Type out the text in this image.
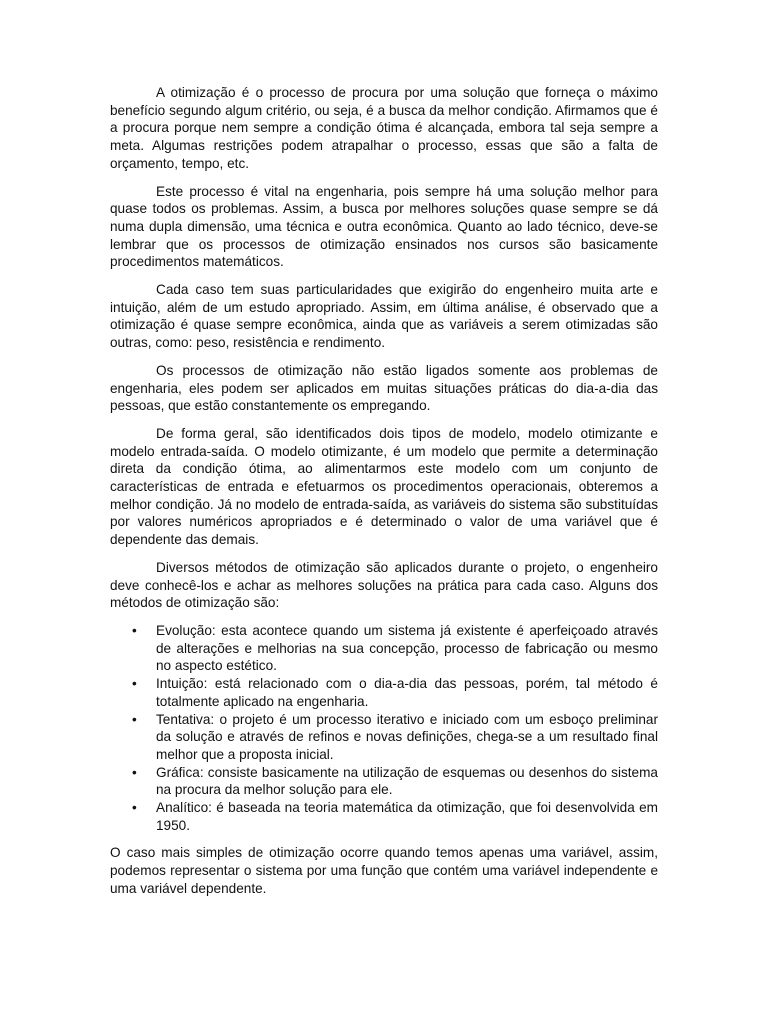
A otimização é o processo de procura por uma solução que forneça o máximo benefício segundo algum critério, ou seja, é a busca da melhor condição. Afirmamos que é a procura porque nem sempre a condição ótima é alcançada, embora tal seja sempre a meta. Algumas restrições podem atrapalhar o processo, essas que são a falta de orçamento, tempo, etc.

Este processo é vital na engenharia, pois sempre há uma solução melhor para quase todos os problemas. Assim, a busca por melhores soluções quase sempre se dá numa dupla dimensão, uma técnica e outra econômica. Quanto ao lado técnico, deve-se lembrar que os processos de otimização ensinados nos cursos são basicamente procedimentos matemáticos.

Cada caso tem suas particularidades que exigirão do engenheiro muita arte e intuição, além de um estudo apropriado. Assim, em última análise, é observado que a otimização é quase sempre econômica, ainda que as variáveis a serem otimizadas são outras, como: peso, resistência e rendimento.

Os processos de otimização não estão ligados somente aos problemas de engenharia, eles podem ser aplicados em muitas situações práticas do dia-a-dia das pessoas, que estão constantemente os empregando.

De forma geral, são identificados dois tipos de modelo, modelo otimizante e modelo entrada-saída. O modelo otimizante, é um modelo que permite a determinação direta da condição ótima, ao alimentarmos este modelo com um conjunto de características de entrada e efetuarmos os procedimentos operacionais, obteremos a melhor condição. Já no modelo de entrada-saída, as variáveis do sistema são substituídas por valores numéricos apropriados e é determinado o valor de uma variável que é dependente das demais.

Diversos métodos de otimização são aplicados durante o projeto, o engenheiro deve conhecê-los e achar as melhores soluções na prática para cada caso. Alguns dos métodos de otimização são:

• Evolução: esta acontece quando um sistema já existente é aperfeiçoado através de alterações e melhorias na sua concepção, processo de fabricação ou mesmo no aspecto estético.
• Intuição: está relacionado com o dia-a-dia das pessoas, porém, tal método é totalmente aplicado na engenharia.
• Tentativa: o projeto é um processo iterativo e iniciado com um esboço preliminar da solução e através de refinos e novas definições, chega-se a um resultado final melhor que a proposta inicial.
• Gráfica: consiste basicamente na utilização de esquemas ou desenhos do sistema na procura da melhor solução para ele.
• Analítico: é baseada na teoria matemática da otimização, que foi desenvolvida em 1950.

O caso mais simples de otimização ocorre quando temos apenas uma variável, assim, podemos representar o sistema por uma função que contém uma variável independente e uma variável dependente.
